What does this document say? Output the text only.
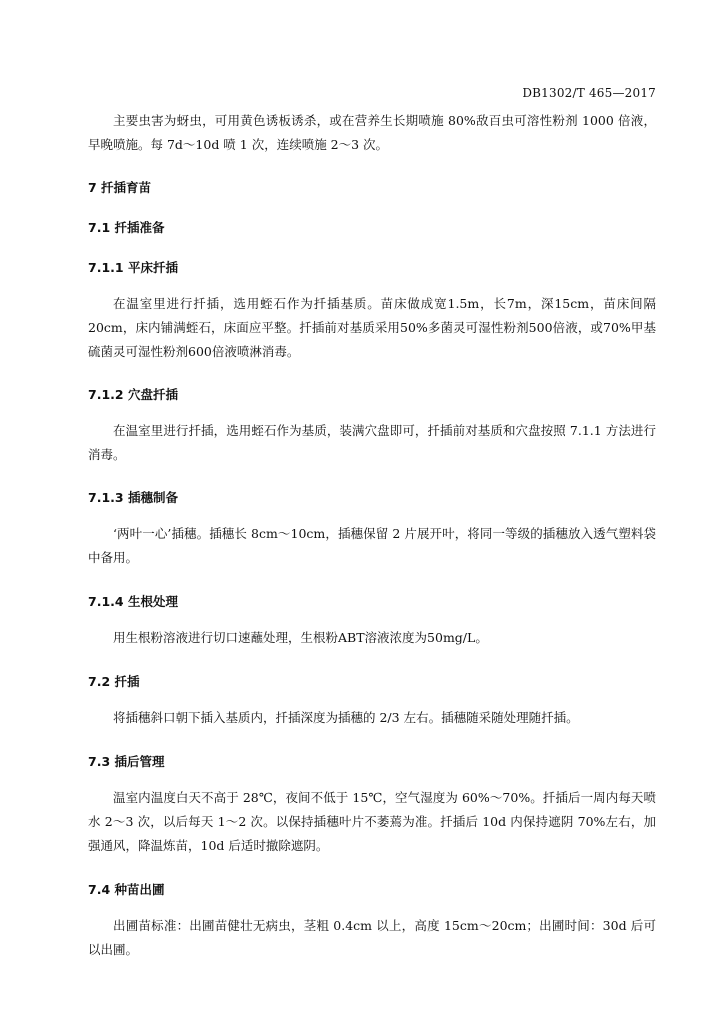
DB1302/T 465—2017

主要虫害为蚜虫，可用黄色诱板诱杀，或在营养生长期喷施 80%敌百虫可溶性粉剂 1000 倍液，早晚喷施。每 7d～10d 喷 1 次，连续喷施 2～3 次。

7 扦插育苗
7.1 扦插准备
7.1.1 平床扦插

在温室里进行扦插，选用蛭石作为扦插基质。苗床做成宽1.5m，长7m，深15cm，苗床间隔20cm，床内铺满蛭石，床面应平整。扦插前对基质采用50%多菌灵可湿性粉剂500倍液，或70%甲基硫菌灵可湿性粉剂600倍液喷淋消毒。

7.1.2 穴盘扦插

在温室里进行扦插，选用蛭石作为基质，装满穴盘即可，扦插前对基质和穴盘按照 7.1.1 方法进行消毒。

7.1.3 插穗制备

‘两叶一心’插穗。插穗长 8cm～10cm，插穗保留 2 片展开叶，将同一等级的插穗放入透气塑料袋中备用。

7.1.4 生根处理

用生根粉溶液进行切口速蘸处理，生根粉ABT溶液浓度为50mg/L。

7.2 扦插

将插穗斜口朝下插入基质内，扦插深度为插穗的 2/3 左右。插穗随采随处理随扦插。

7.3 插后管理

温室内温度白天不高于 28℃，夜间不低于 15℃，空气湿度为 60%～70%。扦插后一周内每天喷水 2～3 次，以后每天 1～2 次。以保持插穗叶片不萎蔫为准。扦插后 10d 内保持遮阴 70%左右，加强通风，降温炼苗，10d 后适时撤除遮阴。

7.4 种苗出圃

出圃苗标准：出圃苗健壮无病虫，茎粗 0.4cm 以上，高度 15cm～20cm；出圃时间：30d 后可以出圃。
